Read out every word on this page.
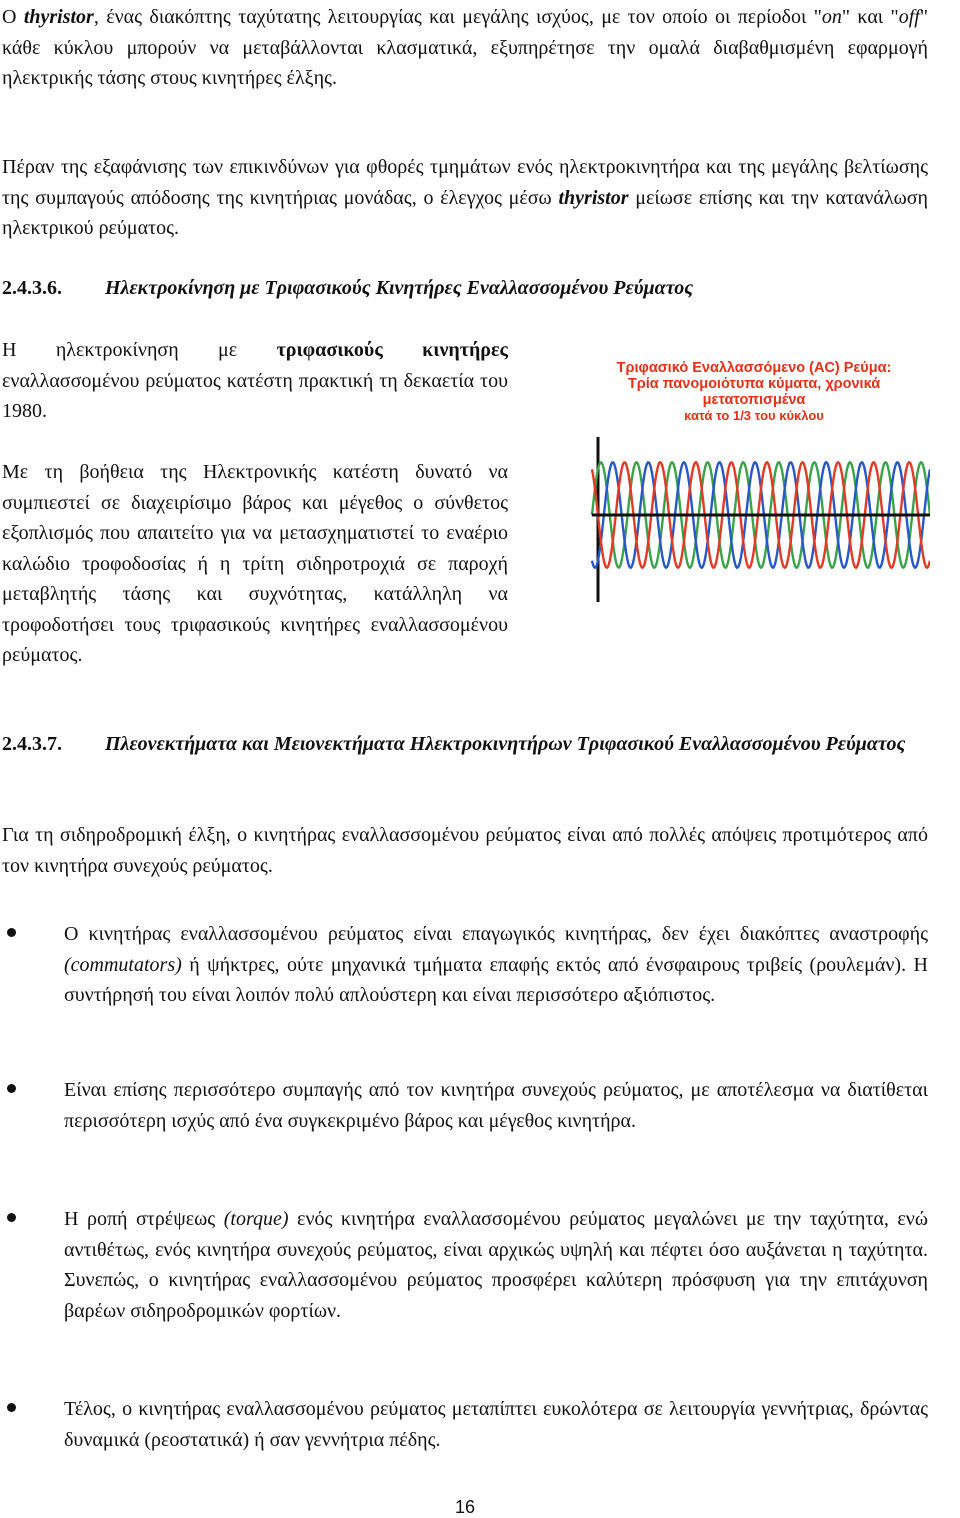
O thyristor, ένας διακόπτης ταχύτατης λειτουργίας και μεγάλης ισχύος, με τον οποίο οι περίοδοι "on" και "off" κάθε κύκλου μπορούν να μεταβάλλονται κλασματικά, εξυπηρέτησε την ομαλά διαβαθμισμένη εφαρμογή ηλεκτρικής τάσης στους κινητήρες έλξης.

Πέραν της εξαφάνισης των επικινδύνων για φθορές τμημάτων ενός ηλεκτροκινητήρα και της μεγάλης βελτίωσης της συμπαγούς απόδοσης της κινητήριας μονάδας, ο έλεγχος μέσω thyristor μείωσε επίσης και την κατανάλωση ηλεκτρικού ρεύματος.

2.4.3.6. Ηλεκτροκίνηση με Τριφασικούς Κινητήρες Εναλλασσομένου Ρεύματος

Η ηλεκτροκίνηση με τριφασικούς κινητήρες εναλλασσομένου ρεύματος κατέστη πρακτική τη δεκαετία του 1980.

Με τη βοήθεια της Ηλεκτρονικής κατέστη δυνατό να συμπιεστεί σε διαχειρίσιμο βάρος και μέγεθος ο σύνθετος εξοπλισμός που απαιτείτο για να μετασχηματιστεί το εναέριο καλώδιο τροφοδοσίας ή η τρίτη σιδηροτροχιά σε παροχή μεταβλητής τάσης και συχνότητας, κατάλληλη να τροφοδοτήσει τους τριφασικούς κινητήρες εναλλασσομένου ρεύματος.

Τριφασικό Εναλλασσόμενο (AC) Ρεύμα:
Τρία πανομοιότυπα κύματα, χρονικά μετατοπισμένα
κατά το 1/3 του κύκλου
2.4.3.7.	Πλεονεκτήματα και Μειονεκτήματα Ηλεκτροκινητήρων Τριφασικού Εναλλασσομένου Ρεύματος

Για τη σιδηροδρομική έλξη, ο κινητήρας εναλλασσομένου ρεύματος είναι από πολλές απόψεις προτιμότερος από τον κινητήρα συνεχούς ρεύματος.

Ο κινητήρας εναλλασσομένου ρεύματος είναι επαγωγικός κινητήρας, δεν έχει διακόπτες αναστροφής (commutators) ή ψήκτρες, ούτε μηχανικά τμήματα επαφής εκτός από ένσφαιρους τριβείς (ρουλεμάν). Η συντήρησή του είναι λοιπόν πολύ απλούστερη και είναι περισσότερο αξιόπιστος.

Είναι επίσης περισσότερο συμπαγής από τον κινητήρα συνεχούς ρεύματος, με αποτέλεσμα να διατίθεται περισσότερη ισχύς από ένα συγκεκριμένο βάρος και μέγεθος κινητήρα.

Η ροπή στρέψεως (torque) ενός κινητήρα εναλλασσομένου ρεύματος μεγαλώνει με την ταχύτητα, ενώ αντιθέτως, ενός κινητήρα συνεχούς ρεύματος, είναι αρχικώς υψηλή και πέφτει όσο αυξάνεται η ταχύτητα. Συνεπώς, ο κινητήρας εναλλασσομένου ρεύματος προσφέρει καλύτερη πρόσφυση για την επιτάχυνση βαρέων σιδηροδρομικών φορτίων.

Τέλος, ο κινητήρας εναλλασσομένου ρεύματος μεταπίπτει ευκολότερα σε λειτουργία γεννήτριας, δρώντας δυναμικά (ρεοστατικά) ή σαν γεννήτρια πέδης.

16
